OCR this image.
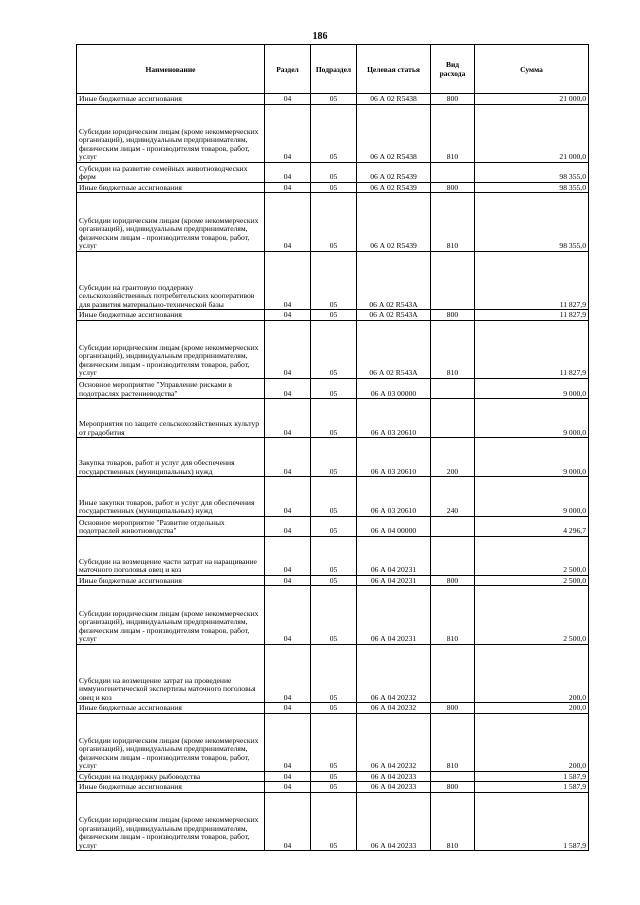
186
Наименование	Раздел	Подраздел	Целевая статья	Вид расхода	Сумма
Иные бюджетные ассигнования	04	05	06 А 02 R5438	800	21 000,0
Субсидии юридическим лицам (кроме некоммерческих организаций), индивидуальным предпринимателям, физическим лицам - производителям товаров, работ, услуг	04	05	06 А 02 R5438	810	21 000,0
Субсидии на развитие семейных животноводческих ферм	04	05	06 А 02 R5439		98 355,0
Иные бюджетные ассигнования	04	05	06 А 02 R5439	800	98 355,0
Субсидии юридическим лицам (кроме некоммерческих организаций), индивидуальным предпринимателям, физическим лицам - производителям товаров, работ, услуг	04	05	06 А 02 R5439	810	98 355,0
Субсидии на грантовую поддержку сельскохозяйственных потребительских кооперативов для развития материально-технической базы	04	05	06 А 02 R543А		11 827,9
Иные бюджетные ассигнования	04	05	06 А 02 R543А	800	11 827,9
Субсидии юридическим лицам (кроме некоммерческих организаций), индивидуальным предпринимателям, физическим лицам - производителям товаров, работ, услуг	04	05	06 А 02 R543А	810	11 827,9
Основное мероприятие "Управление рисками в подотраслях растениеводства"	04	05	06 А 03 00000		9 000,0
Мероприятия по защите сельскохозяйственных культур от градобития	04	05	06 А 03 20610		9 000,0
Закупка товаров, работ и услуг для обеспечения государственных (муниципальных) нужд	04	05	06 А 03 20610	200	9 000,0
Иные закупки товаров, работ и услуг для обеспечения государственных (муниципальных) нужд	04	05	06 А 03 20610	240	9 000,0
Основное мероприятие "Развитие отдельных подотраслей животноводства"	04	05	06 А 04 00000		4 296,7
Субсидии на возмещение части затрат на наращивание маточного поголовья овец и коз	04	05	06 А 04 20231		2 500,0
Иные бюджетные ассигнования	04	05	06 А 04 20231	800	2 500,0
Субсидии юридическим лицам (кроме некоммерческих организаций), индивидуальным предпринимателям, физическим лицам - производителям товаров, работ, услуг	04	05	06 А 04 20231	810	2 500,0
Субсидии на возмещение затрат на проведение иммуногенетической экспертизы маточного поголовья овец и коз	04	05	06 А 04 20232		200,0
Иные бюджетные ассигнования	04	05	06 А 04 20232	800	200,0
Субсидии юридическим лицам (кроме некоммерческих организаций), индивидуальным предпринимателям, физическим лицам - производителям товаров, работ, услуг	04	05	06 А 04 20232	810	200,0
Субсидии на поддержку рыбоводства	04	05	06 А 04 20233		1 587,9
Иные бюджетные ассигнования	04	05	06 А 04 20233	800	1 587,9
Субсидии юридическим лицам (кроме некоммерческих организаций), индивидуальным предпринимателям, физическим лицам - производителям товаров, работ, услуг	04	05	06 А 04 20233	810	1 587,9
